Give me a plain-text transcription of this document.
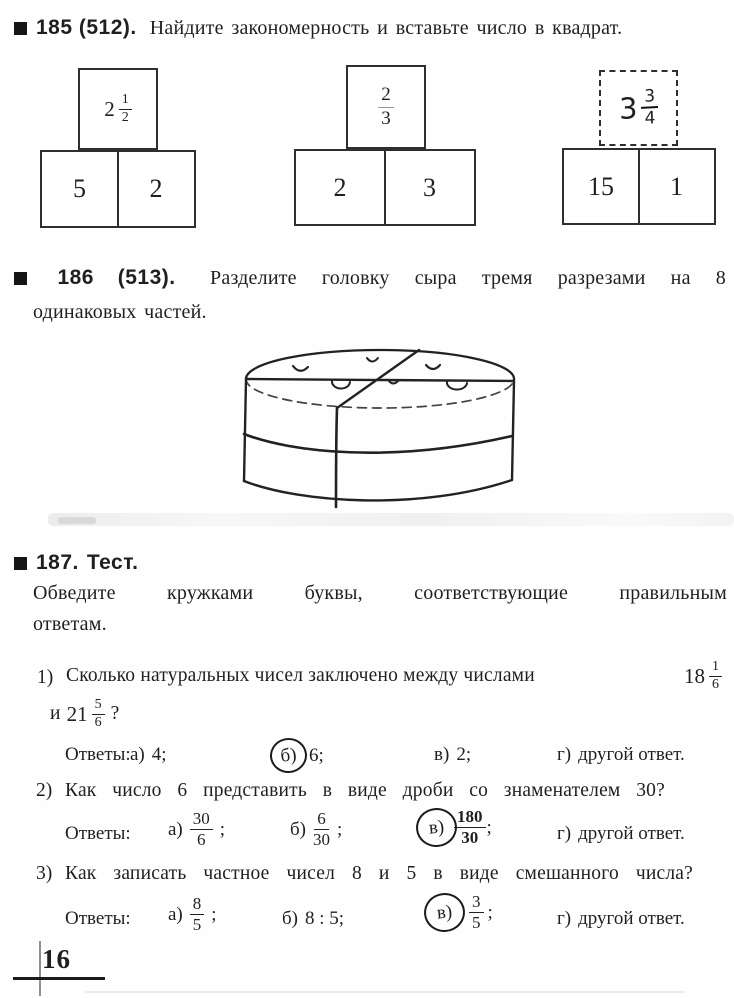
185 (512). Найдите закономерность и вставьте число в квадрат.
$2 \frac{1}{2}$
5	2
$\frac{2}{3}$
2	3
$3 \frac{3}{4}$
15	1
186 (513). Разделите головку сыра тремя разрезами на 8
одинаковых частей.
187. Тест.
Обведите кружками буквы, соответствующие правильным
ответам.
1) Сколько натуральных чисел заключено между числами	$18 \frac{1}{6}$
и $21 \frac{5}{6}$ ?
Ответы: а) 4;	б) 6;	в) 2;	г) другой ответ.
2) Как число 6 представить в виде дроби со знаменателем 30?
Ответы: $а) \frac{30}{6}$ ;	$б) \frac{6}{30}$ ;	$в) \frac{180}{30}$ ;	г) другой ответ.
3) Как записать частное чисел 8 и 5 в виде смешанного числа?
Ответы: $а) \frac{8}{5}$ ;	б) 8 : 5;	$в) \frac{3}{5}$ ;	г) другой ответ.
16
